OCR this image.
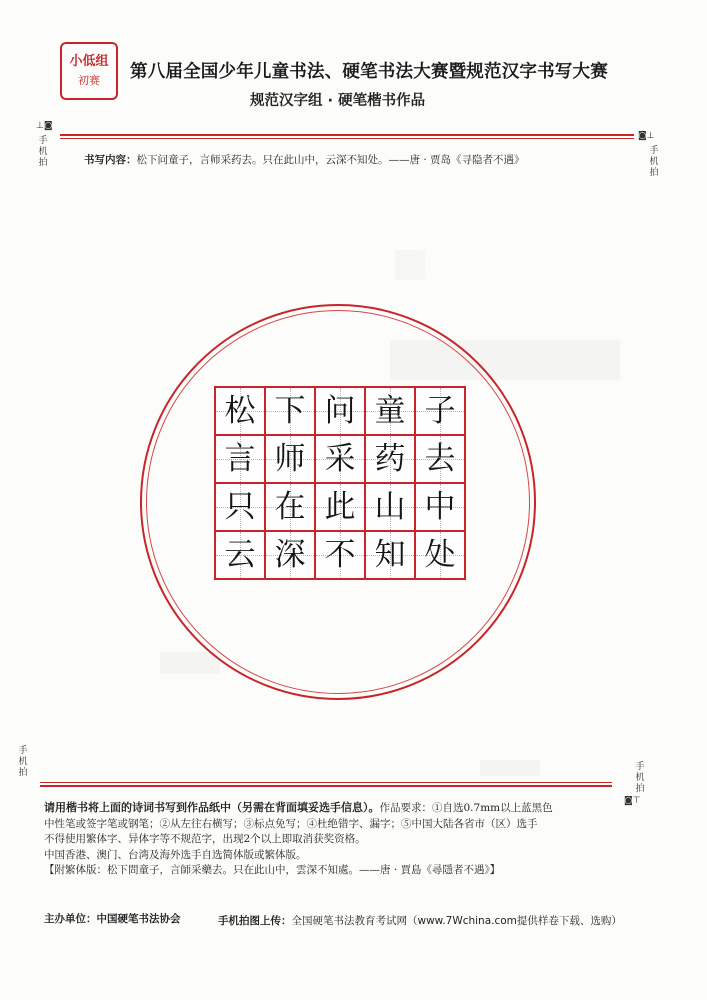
小低组
初赛 第八届全国少年儿童书法、硬笔书法大赛暨规范汉字书写大赛
规范汉字组 · 硬笔楷书作品
⊥◙
手机拍
◙⊥
手机拍
书写内容：松下问童子，言师采药去。只在此山中，云深不知处。——唐 · 贾岛《寻隐者不遇》
松 下 问 童 子
言 师 采 药 去
只 在 此 山 中
云 深 不 知 处
手机拍
手机拍
◙⊤

请用楷书将上面的诗词书写到作品纸中（另需在背面填妥选手信息）。作品要求：①自选0.7mm以上蓝黑色

中性笔或签字笔或钢笔；②从左往右横写；③标点免写；④杜绝错字、漏字；⑤中国大陆各省市（区）选手

不得使用繁体字、异体字等不规范字，出现2个以上即取消获奖资格。

中国香港、澳门、台湾及海外选手自选简体版或繁体版。

【附繁体版：松下問童子，言師采藥去。只在此山中，雲深不知處。——唐 · 賈島《尋隱者不遇》】

主办单位：中国硬笔书法协会	手机拍图上传：全国硬笔书法教育考试网（www.7Wchina.com提供样卷下载、选购）
